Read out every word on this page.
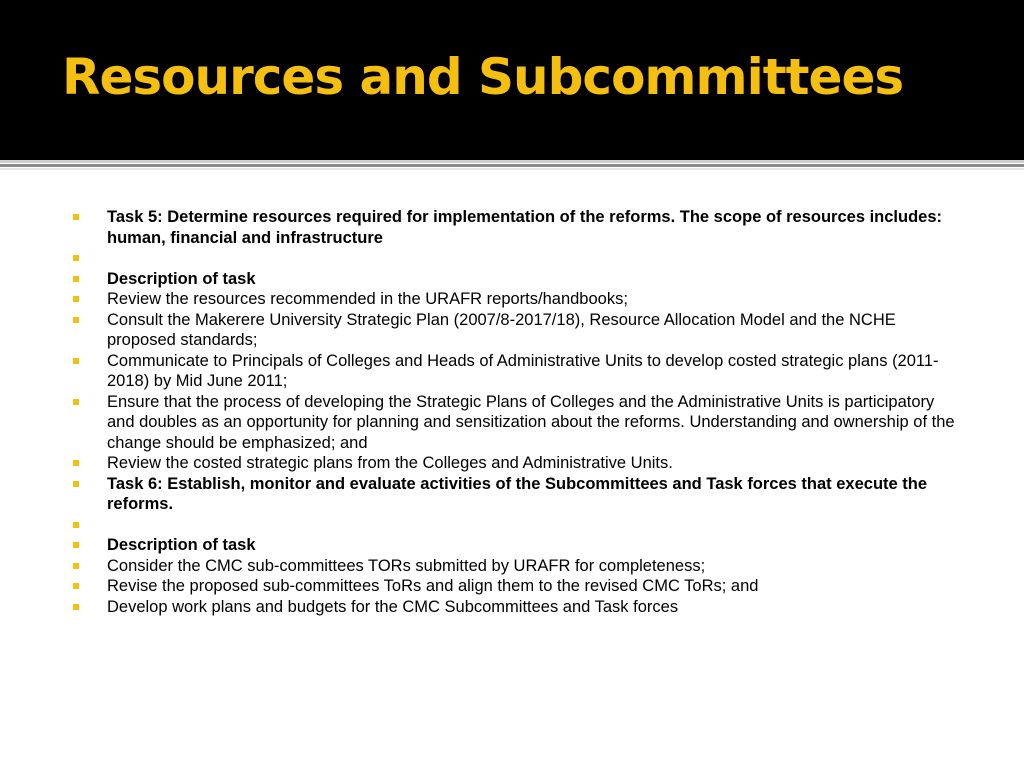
Resources and Subcommittees
Task 5: Determine resources required for implementation of the reforms. The scope of resources includes: human, financial and infrastructure
Description of task
Review the resources recommended in the URAFR reports/handbooks;
Consult the Makerere University Strategic Plan (2007/8-2017/18), Resource Allocation Model and the NCHE proposed standards;
Communicate to Principals of Colleges and Heads of Administrative Units to develop costed strategic plans (2011-2018) by Mid June 2011;
Ensure that the process of developing the Strategic Plans of Colleges and the Administrative Units is participatory and doubles as an opportunity for planning and sensitization about the reforms. Understanding and ownership of the change should be emphasized; and
Review the costed strategic plans from the Colleges and Administrative Units.
Task 6: Establish, monitor and evaluate activities of the Subcommittees and Task forces that execute the reforms.
Description of task
Consider the CMC sub-committees TORs submitted by URAFR for completeness;
Revise the proposed sub-committees ToRs and align them to the revised CMC ToRs; and
Develop work plans and budgets for the CMC Subcommittees and Task forces
